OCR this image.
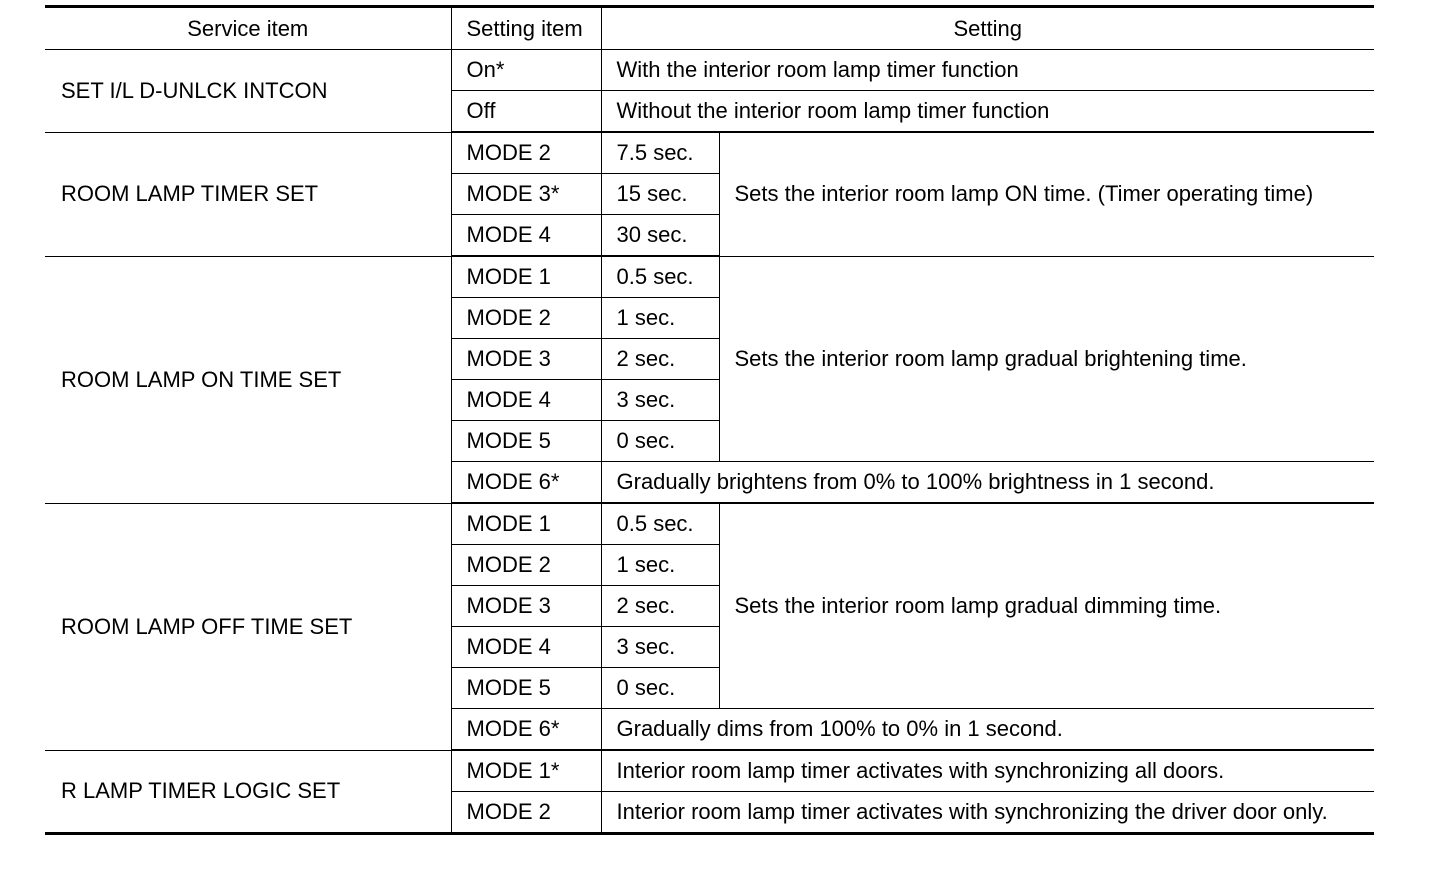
Service item	Setting item	Setting	
SET I/L D-UNLCK INTCON	On*	With the interior room lamp timer function	
	Off	Without the interior room lamp timer function	
ROOM LAMP TIMER SET	MODE 2	7.5 sec.	Sets the interior room lamp ON time. (Timer operating time)
	MODE 3*	15 sec.	
	MODE 4	30 sec.	
ROOM LAMP ON TIME SET	MODE 1	0.5 sec.	Sets the interior room lamp gradual brightening time.
	MODE 2	1 sec.	
	MODE 3	2 sec.	
	MODE 4	3 sec.	
	MODE 5	0 sec.	
	MODE 6*	Gradually brightens from 0% to 100% brightness in 1 second.	
ROOM LAMP OFF TIME SET	MODE 1	0.5 sec.	Sets the interior room lamp gradual dimming time.
	MODE 2	1 sec.	
	MODE 3	2 sec.	
	MODE 4	3 sec.	
	MODE 5	0 sec.	
	MODE 6*	Gradually dims from 100% to 0% in 1 second.	
R LAMP TIMER LOGIC SET	MODE 1*	Interior room lamp timer activates with synchronizing all doors.	
	MODE 2	Interior room lamp timer activates with synchronizing the driver door only.	
